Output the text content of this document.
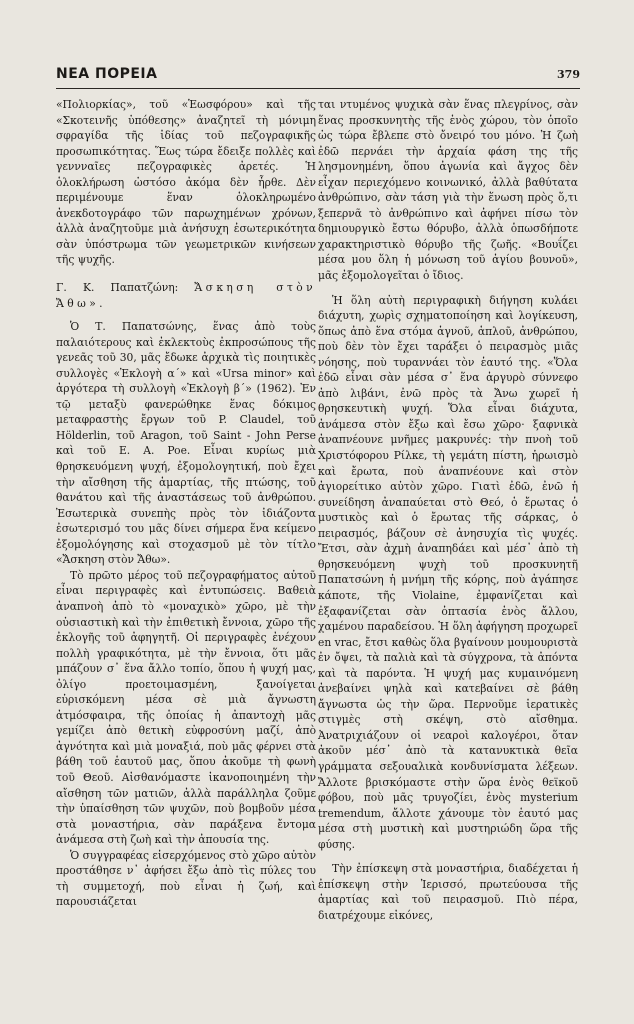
ΝΕΑ ΠΟΡΕΙΑ	379

«Πολιορκίας», τοῦ «Ἑωσφόρου» καὶ τῆς «Σκοτεινῆς ὑπόθεσης» ἀναζητεῖ τὴ μόνιμη σφραγίδα τῆς ἰδίας τοῦ πεζογραφικῆς προσωπικότητας. Ἕως τώρα ἔδειξε πολλὲς καὶ γεννναῖες πεζογραφικὲς ἀρετές. Ἡ ὁλοκλήρωση ὡστόσο ἀκόμα δὲν ἦρθε. Δὲν περιμένουμε ἕναν ὁλοκληρωμένο ἀνεκδοτογράφο τῶν παρωχημένων χρόνων, ἀλλὰ ἀναζητοῦμε μιὰ ἀνήσυχη ἐσωτερικότητα σὰν ὑπόστρωμα τῶν γεωμετρικῶν κινήσεων τῆς ψυχῆς.

Γ. Κ. Παπατζώνη: Ἄσκηση στὸν Ἄθω».

Ὁ Τ. Παπατσώνης, ἕνας ἀπὸ τοὺς παλαιότερους καὶ ἐκλεκτοὺς ἐκπροσώπους τῆς γενεᾶς τοῦ 30, μᾶς ἔδωκε ἀρχικὰ τὶς ποιητικὲς συλλογὲς «Ἐκλογὴ α΄» καὶ «Ursa minor» καὶ ἀργότερα τὴ συλλογὴ «Ἐκλογὴ β΄» (1962). Ἐν τῷ μεταξὺ φανερώθηκε ἕνας δόκιμος μεταφραστὴς ἔργων τοῦ P. Claudel, τοῦ Hölderlin, τοῦ Aragon, τοῦ Saint - John Perse καὶ τοῦ E. A. Poe. Εἶναι κυρίως μιὰ θρησκευόμενη ψυχή, ἐξομολογητική, ποὺ ἔχει τὴν αἴσθηση τῆς ἁμαρτίας, τῆς πτώσης, τοῦ θανάτου καὶ τῆς ἀναστάσεως τοῦ ἀνθρώπου. Ἐσωτερικὰ συνεπὴς πρὸς τὸν ἰδιάζοντα ἐσωτερισμό του μᾶς δίνει σήμερα ἕνα κείμενο ἐξομολόγησης καὶ στοχασμοῦ μὲ τὸν τίτλο «Ἄσκηση στὸν Ἄθω».

Τὸ πρῶτο μέρος τοῦ πεζογραφήματος αὐτοῦ εἶναι περιγραφὲς καὶ ἐντυπώσεις. Βαθειὰ ἀναπνοὴ ἀπὸ τὸ «μοναχικὸ» χῶρο, μὲ τὴν οὐσιαστικὴ καὶ τὴν ἐπιθετικὴ ἔννοια, χῶρο τῆς ἐκλογῆς τοῦ ἀφηγητῆ. Οἱ περιγραφὲς ἐνέχουν πολλὴ γραφικότητα, μὲ τὴν ἔννοια, ὅτι μᾶς μπάζουν σ᾿ ἕνα ἄλλο τοπίο, ὅπου ἡ ψυχή μας, ὀλίγο προετοιμασμένη, ξανοίγεται εὐρισκόμενη μέσα σὲ μιὰ ἄγνωστη ἀτμόσφαιρα, τῆς ὁποίας ἡ ἀπαντοχὴ μᾶς γεμίζει ἀπὸ θετικὴ εὐφροσύνη μαζί, ἀπὸ ἀγνότητα καὶ μιὰ μοναξιά, ποὺ μᾶς φέρνει στὰ βάθη τοῦ ἑαυτοῦ μας, ὅπου ἀκοῦμε τὴ φωνὴ τοῦ Θεοῦ. Αἰσθανόμαστε ἱκανοποιημένη τὴν αἴσθηση τῶν ματιῶν, ἀλλὰ παράλληλα ζοῦμε τὴν ὑπαίσθηση τῶν ψυχῶν, ποὺ βομβοῦν μέσα στὰ μοναστήρια, σὰν παράξενα ἔντομα ἀνάμεσα στὴ ζωὴ καὶ τὴν ἀπουσία της.

Ὁ συγγραφέας εἰσερχόμενος στὸ χῶρο αὐτὸν προστάθησε ν᾿ ἀφήσει ἔξω ἀπὸ τὶς πύλες του τὴ συμμετοχή, ποὺ εἶναι ἡ ζωή, καὶ παρουσιάζεται

ται ντυμένος ψυχικὰ σὰν ἕνας πλεγρίνος, σὰν ἕνας προσκυνητὴς τῆς ἑνὸς χώρου, τὸν ὁποῖο ὡς τώρα ἔβλεπε στὸ ὄνειρό του μόνο. Ἡ ζωὴ ἐδῶ περνάει τὴν ἀρχαία φάση της τῆς λησμονημένη, ὅπου ἀγωνία καὶ ἄγχος δὲν εἶχαν περιεχόμενο κοινωνικό, ἀλλὰ βαθύτατα ἀνθρώπινο, σὰν τάση γιὰ τὴν ἕνωση πρὸς ὅ,τι ξεπερνᾶ τὸ ἀνθρώπινο καὶ ἀφήνει πίσω τὸν δημιουργικὸ ἔστω θόρυβο, ἀλλὰ ὁπωσδήποτε χαρακτηριστικὸ θόρυβο τῆς ζωῆς. «Βουΐζει μέσα μου ὅλη ἡ μόνωση τοῦ ἁγίου βουνοῦ», μᾶς ἐξομολογεῖται ὁ ἴδιος.

Ἡ ὅλη αὐτὴ περιγραφικὴ διήγηση κυλάει διάχυτη, χωρὶς σχηματοποίηση καὶ λογίκευση, ὅπως ἀπὸ ἕνα στόμα ἁγνοῦ, ἁπλοῦ, ἀνθρώπου, ποὺ δὲν τὸν ἔχει ταράξει ὁ πειρασμὸς μιᾶς νόησης, ποὺ τυραννάει τὸν ἑαυτό της. «Ὅλα ἐδῶ εἶναι σὰν μέσα σ᾿ ἕνα ἀργυρὸ σύννεφο ἀπὸ λιβάνι, ἐνῶ πρὸς τὰ Ἄνω χωρεῖ ἡ θρησκευτικὴ ψυχή. Ὅλα εἶναι διάχυτα, ἀνάμεσα στὸν ἔξω καὶ ἔσω χῶρο· ξαφνικὰ ἀναπνέουνε μνῆμες μακρυνές: τὴν πνοὴ τοῦ Χριστόφορου Ρίλκε, τὴ γεμάτη πίστη, ἡρωισμὸ καὶ ἔρωτα, ποὺ ἀναπνέουνε καὶ στὸν ἀγιορείτικο αὐτὸν χῶρο. Γιατὶ ἐδῶ, ἐνῶ ἡ συνείδηση ἀναπαύεται στὸ Θεό, ὁ ἔρωτας ὁ μυστικὸς καὶ ὁ ἔρωτας τῆς σάρκας, ὁ πειρασμός, βάζουν σὲ ἀνησυχία τὶς ψυχές. Ἔτσι, σὰν ἀχμὴ ἀναπηδάει καὶ μέσ᾿ ἀπὸ τὴ θρησκευόμενη ψυχὴ τοῦ προσκυνητῆ Παπατσώνη ἡ μνήμη τῆς κόρης, ποὺ ἀγάπησε κάποτε, τῆς Violaine, ἐμφανίζεται καὶ ἐξαφανίζεται σὰν ὀπτασία ἑνὸς ἄλλου, χαμένου παραδείσου. Ἡ ὅλη ἀφήγηση προχωρεῖ en vrac, ἔτσι καθὼς ὅλα βγαίνουν μουμουριστὰ ἐν ὄψει, τὰ παλιὰ καὶ τὰ σύγχρονα, τὰ ἀπόντα καὶ τὰ παρόντα. Ἡ ψυχή μας κυμαινόμενη ἀνεβαίνει ψηλὰ καὶ κατεβαίνει σὲ βάθη ἄγνωστα ὡς τὴν ὥρα. Περνοῦμε ἱερατικὲς στιγμὲς στὴ σκέψη, στὸ αἴσθημα. Ἀνατριχιάζουν οἱ νεαροὶ καλογέροι, ὅταν ἀκοῦν μέσ᾿ ἀπὸ τὰ κατανυκτικὰ θεῖα γράμματα σεξουαλικὰ κονδυνίσματα λέξεων. Ἄλλοτε βρισκόμαστε στὴν ὥρα ἑνὸς θεϊκοῦ φόβου, ποὺ μᾶς τρυγοζίει, ἑνὸς mysterium tremendum, ἄλλοτε χάνουμε τὸν ἑαυτό μας μέσα στὴ μυστικὴ καὶ μυστηριώδη ὥρα τῆς φύσης.

Τὴν ἐπίσκεψη στὰ μοναστήρια, διαδέχεται ἡ ἐπίσκεψη στὴν Ἱερισσό, πρωτεύουσα τῆς ἁμαρτίας καὶ τοῦ πειρασμοῦ. Πιὸ πέρα, διατρέχουμε εἰκόνες,
